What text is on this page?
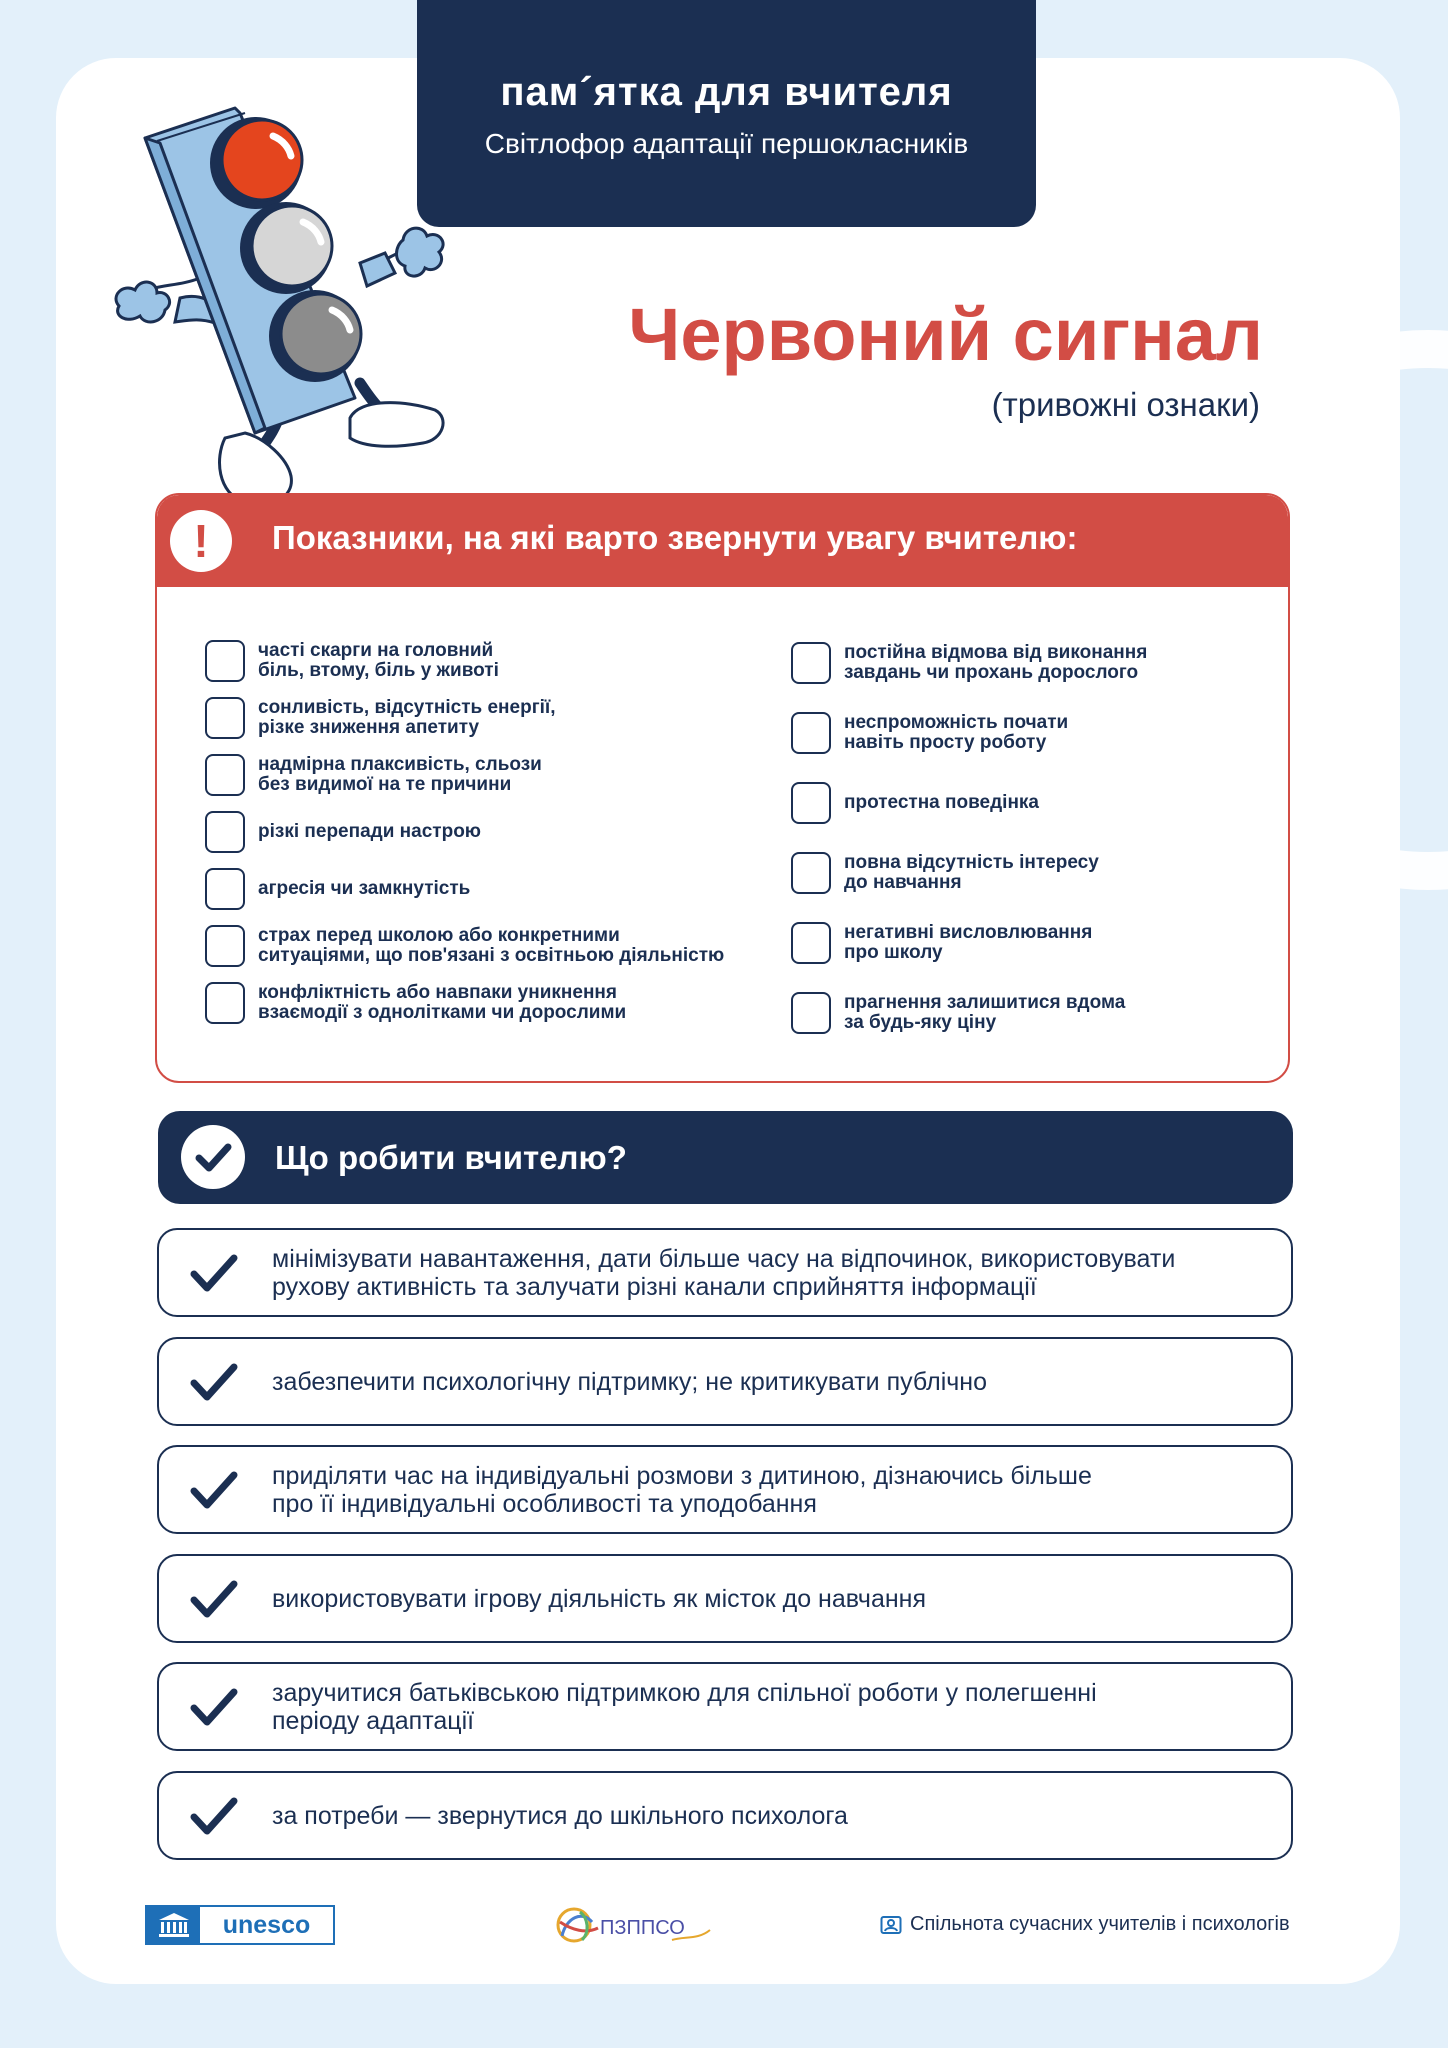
пам´ятка для вчителя
Світлофор адаптації першокласників
Червоний сигнал
(тривожні ознаки)
!	Показники, на які варто звернути увагу вчителю:
часті скарги на головний
біль, втому, біль у животі
сонливість, відсутність енергії,
різке зниження апетиту
надмірна плаксивість, сльози
без видимої на те причини
різкі перепади настрою
агресія чи замкнутість
страх перед школою або конкретними
ситуаціями, що пов'язані з освітньою діяльністю
конфліктність або навпаки уникнення
взаємодії з однолітками чи дорослими
постійна відмова від виконання
завдань чи прохань дорослого
неспроможність почати
навіть просту роботу
протестна поведінка
повна відсутність інтересу
до навчання
негативні висловлювання
про школу
прагнення залишитися вдома
за будь-яку ціну
Що робити вчителю?
мінімізувати навантаження, дати більше часу на відпочинок, використовувати
рухову активність та залучати різні канали сприйняття інформації
забезпечити психологічну підтримку; не критикувати публічно
приділяти час на індивідуальні розмови з дитиною, дізнаючись більше
про її індивідуальні особливості та уподобання
використовувати ігрову діяльність як місток до навчання
заручитися батьківською підтримкою для спільної роботи у полегшенні
періоду адаптації
за потреби — звернутися до шкільного психолога
unesco	ПЗППСО	Спільнота сучасних учителів і психологів
